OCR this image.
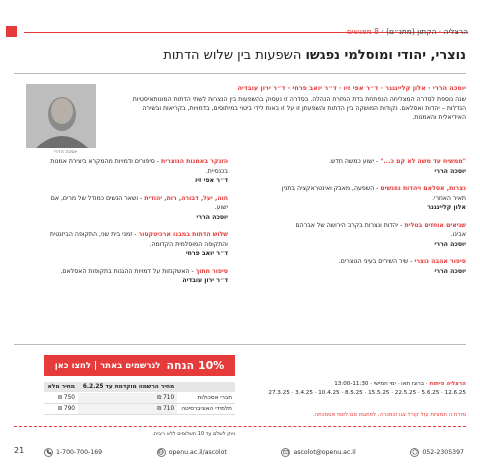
הרצליה · הקתון (מתנ״ם) · 8 מפגשים
נוצרי, יהודי ומוסלמי נפגשו השפעות בין שלוש הדתות
יוסכה הררי
יוסכה הררי · אלון קליינגנר · ד״ר אפי זיו · ד״ר יואב פרחי · ד״ר ירון עובדיה
שנה נוספת לסדרה המצליחה הנפתחת בדת המזרח הנהלה. בסדרה זו נעסוק בהשפעות בין הנצרות לשתי הדתות המונותאיסטיות הנדלות – יהדות ואסלאם. נקודות המושקה בין הדתות והשפעתן זו על זו באות לידי ביטוי במיתוסים, בדמויות, בקריאות ובשירה האידיאלית והאמנות.
"ממשיח עד משה לא קם כ..." - ישוע כמשה חדש.
יוסכה הררי
נצרות, אסלאם ויהדות נפגשים - השפעה, מאבק ואינטראקציה בתנין תאיר האוזרי.
אלון קליינגנר
שגיאים אוחזים בטלית - יהדות ונצרות בקרב הירושה של אברהם אבינו.
יוסכה הררי
סיפור אהבה נוצרי - שיר השירים בעיני הנוצרים.
יוסכה הררי
הזנקר באמנות הנוצרית - סיפורים ודמויות מהמקרא ביצירת אמנות בכנסיית.
ד״ר אפי זיו
חוה, יעל, דבורה, רות, יהודית - ושאר הנשים כמודל של מרים, אם ישוע.
יוסכה הררי
שלוש הדתות במבנו ארכיטקטור - זמני בית שני, התקופה הביזנטית והתקופה המוסלמית הקדומה.
ד״ר יואב פרחי
סיפור חתוך - האשקנזות על דמויות ההגנות בתקופות האסלאם.
ד״ר ירון עובדיה
10% הנחה
לנרשמים באתר | לחצו כאן
	מחיר הרשמה מוקדמת עד 6.2.25	מחיר מלא
חברי אסכולות	710 ₪	750 ₪
תלמידי האוניברסיטה	710 ₪	790 ₪
ניתן לשלם עד 10 תשלומים ללא ריבית.
הרצליה פיתוח · ברוגז תאו · ימי חמישי · 13:00-11:30
12.6.25 · 5.6.25 · 22.5.25 · 15.5.25 · 8.5.25 · 10.4.25 · 3.4.25 · 27.3.25
מזרח ה תמציות עול קורל צגו זכמכרה, לפתגמו סם לזומי אסמכתה.
21	1-700-700-169	openu.ac.il/ascolot	ascolot@openu.ac.il	052-2305397
